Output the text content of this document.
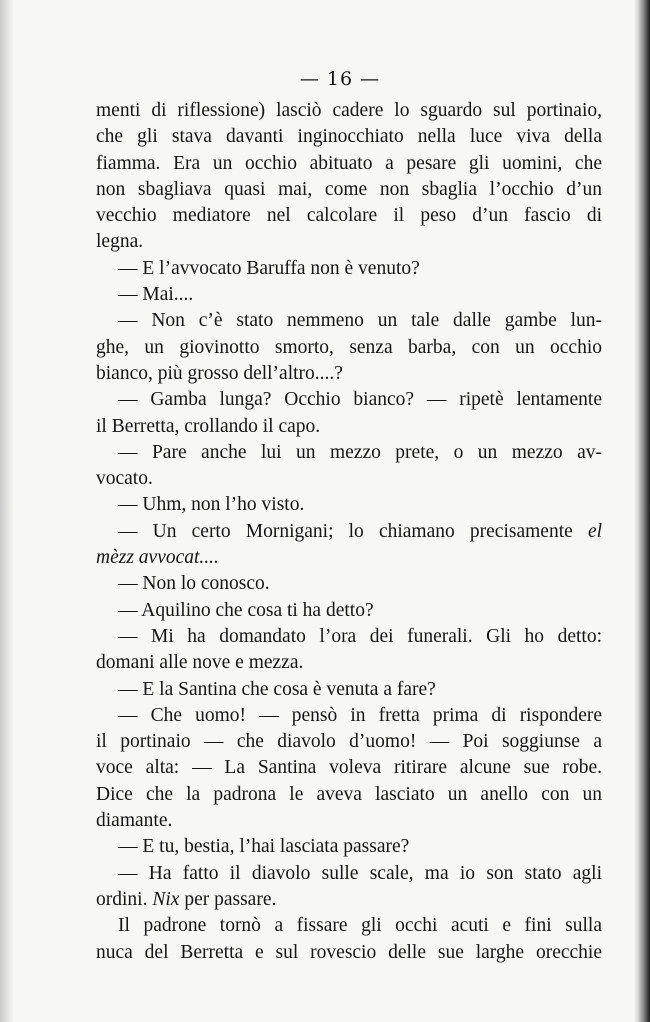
— 16 —
menti di riflessione) lasciò cadere lo sguardo sul portinaio,
che gli stava davanti inginocchiato nella luce viva della
fiamma. Era un occhio abituato a pesare gli uomini, che
non sbagliava quasi mai, come non sbaglia l’occhio d’un
vecchio mediatore nel calcolare il peso d’un fascio di
legna.
— E l’avvocato Baruffa non è venuto?
— Mai....
— Non c’è stato nemmeno un tale dalle gambe lun-
ghe, un giovinotto smorto, senza barba, con un occhio
bianco, più grosso dell’altro....?
— Gamba lunga? Occhio bianco? — ripetè lentamente
il Berretta, crollando il capo.
— Pare anche lui un mezzo prete, o un mezzo av-
vocato.
— Uhm, non l’ho visto.
— Un certo Mornigani; lo chiamano precisamente el
mèzz avvocat....
— Non lo conosco.
— Aquilino che cosa ti ha detto?
— Mi ha domandato l’ora dei funerali. Gli ho detto:
domani alle nove e mezza.
— E la Santina che cosa è venuta a fare?
— Che uomo! — pensò in fretta prima di rispondere
il portinaio — che diavolo d’uomo! — Poi soggiunse a
voce alta: — La Santina voleva ritirare alcune sue robe.
Dice che la padrona le aveva lasciato un anello con un
diamante.
— E tu, bestia, l’hai lasciata passare?
— Ha fatto il diavolo sulle scale, ma io son stato agli
ordini. Nix per passare.
Il padrone tornò a fissare gli occhi acuti e fini sulla
nuca del Berretta e sul rovescio delle sue larghe orecchie
